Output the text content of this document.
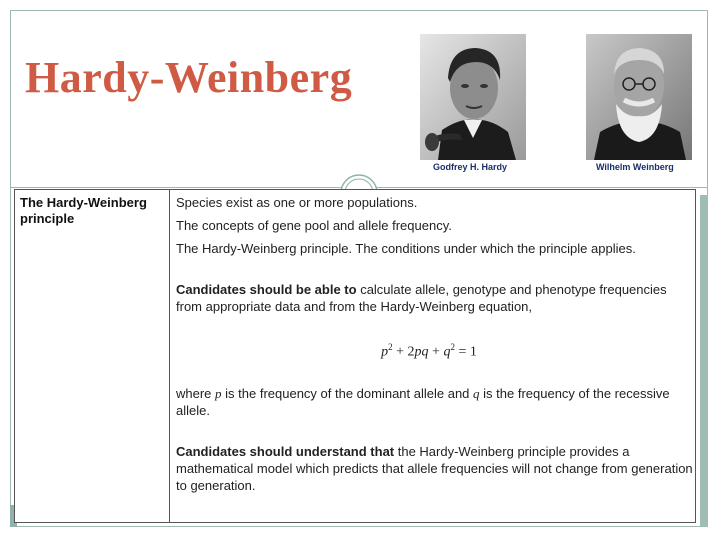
Hardy-Weinberg
Godfrey H. Hardy	Wilhelm Weinberg
The Hardy-Weinberg principle

Species exist as one or more populations.

The concepts of gene pool and allele frequency.

The Hardy-Weinberg principle. The conditions under which the principle applies.

Candidates should be able to calculate allele, genotype and phenotype frequencies from appropriate data and from the Hardy-Weinberg equation,

$p^2 + 2pq + q^2 = 1$

where p is the frequency of the dominant allele and q is the frequency of the recessive allele.

Candidates should understand that the Hardy-Weinberg principle provides a mathematical model which predicts that allele frequencies will not change from generation to generation.
